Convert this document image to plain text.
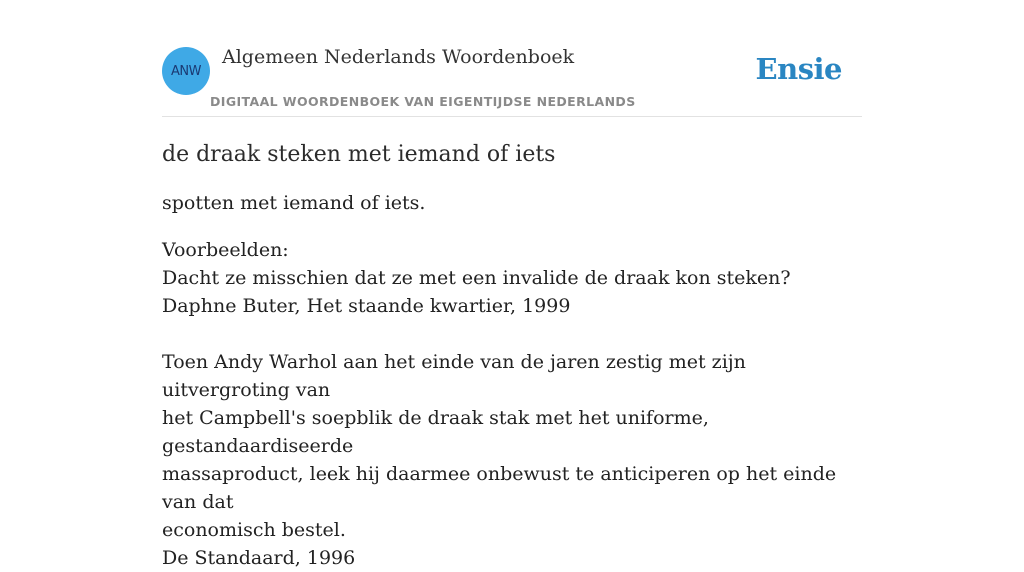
ANW
Algemeen Nederlands Woordenboek
DIGITAAL WOORDENBOEK VAN EIGENTIJDSE NEDERLANDS
Ensie
de draak steken met iemand of iets

spotten met iemand of iets.

Voorbeelden:
Dacht ze misschien dat ze met een invalide de draak kon steken?
Daphne Buter, Het staande kwartier, 1999
Toen Andy Warhol aan het einde van de jaren zestig met zijn uitvergroting van
het Campbell's soepblik de draak stak met het uniforme, gestandaardiseerde
massaproduct, leek hij daarmee onbewust te anticiperen op het einde van dat
economisch bestel.
De Standaard, 1996
